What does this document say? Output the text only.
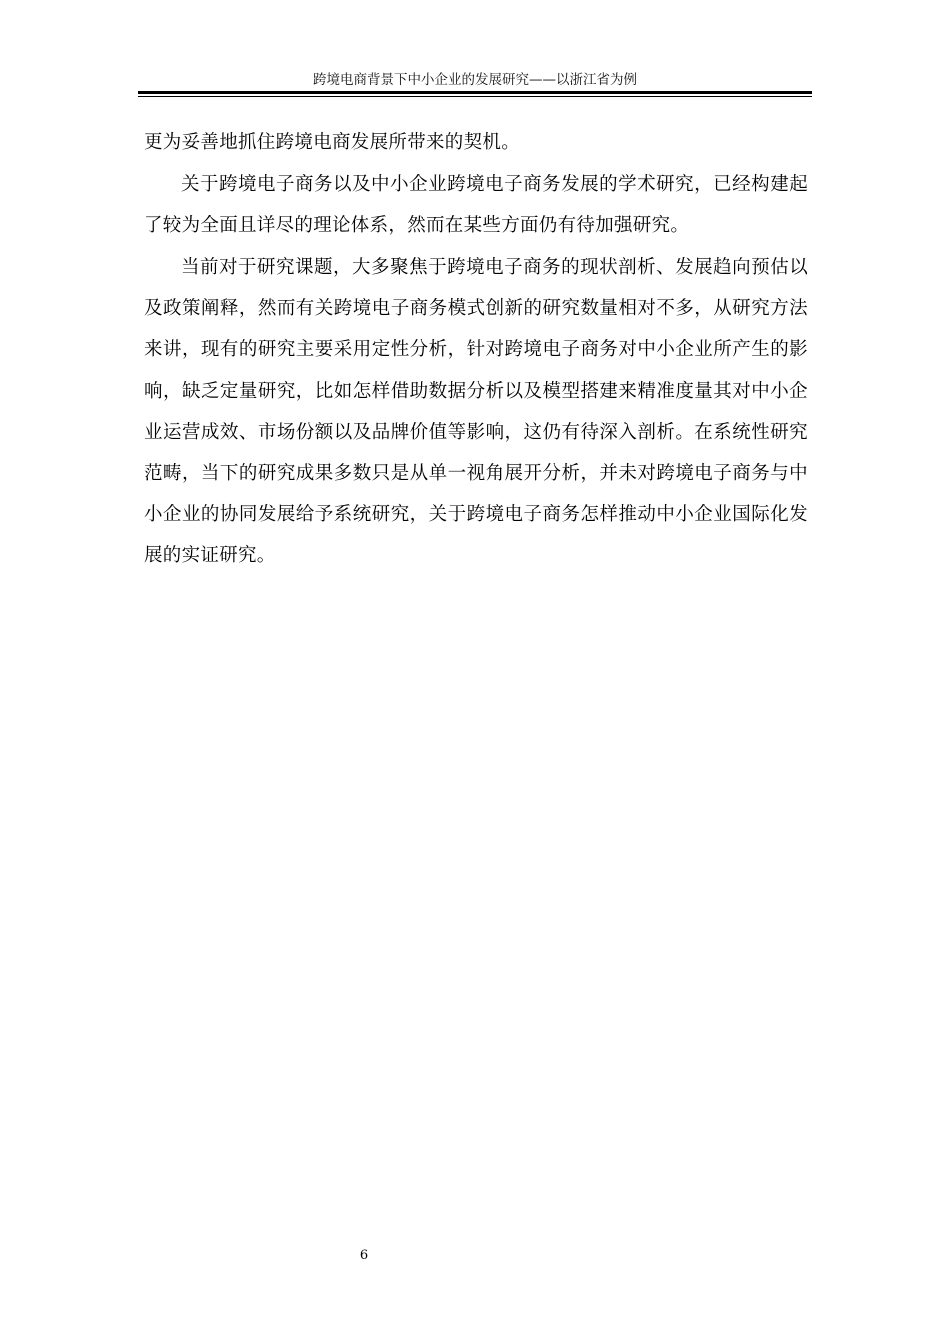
跨境电商背景下中小企业的发展研究——以浙江省为例

更为妥善地抓住跨境电商发展所带来的契机。

关于跨境电子商务以及中小企业跨境电子商务发展的学术研究，已经构建起了较为全面且详尽的理论体系，然而在某些方面仍有待加强研究。

当前对于研究课题，大多聚焦于跨境电子商务的现状剖析、发展趋向预估以及政策阐释，然而有关跨境电子商务模式创新的研究数量相对不多，从研究方法来讲，现有的研究主要采用定性分析，针对跨境电子商务对中小企业所产生的影响，缺乏定量研究，比如怎样借助数据分析以及模型搭建来精准度量其对中小企业运营成效、市场份额以及品牌价值等影响，这仍有待深入剖析。在系统性研究范畴，当下的研究成果多数只是从单一视角展开分析，并未对跨境电子商务与中小企业的协同发展给予系统研究，关于跨境电子商务怎样推动中小企业国际化发展的实证研究。

6
